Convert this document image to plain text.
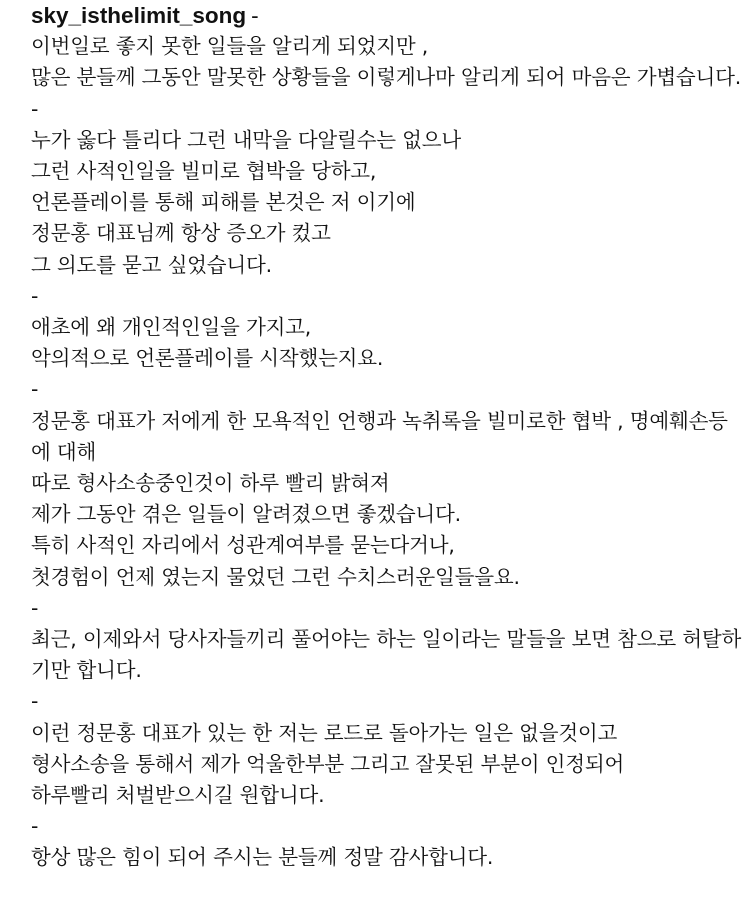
sky_isthelimit_song -
이번일로 좋지 못한 일들을 알리게 되었지만 ,
많은 분들께 그동안 말못한 상황들을 이렇게나마 알리게 되어 마음은 가볍습니다.
-
누가 옳다 틀리다 그런 내막을 다알릴수는 없으나
그런 사적인일을 빌미로 협박을 당하고,
언론플레이를 통해 피해를 본것은 저 이기에
정문홍 대표님께 항상 증오가 컸고
그 의도를 묻고 싶었습니다.
-
애초에 왜 개인적인일을 가지고,
악의적으로 언론플레이를 시작했는지요.
-
정문홍 대표가 저에게 한 모욕적인 언행과 녹취록을 빌미로한 협박 , 명예훼손등에 대해
따로 형사소송중인것이 하루 빨리 밝혀져
제가 그동안 겪은 일들이 알려졌으면 좋겠습니다.
특히 사적인 자리에서 성관계여부를 묻는다거나,
첫경험이 언제 였는지 물었던 그런 수치스러운일들을요.
-
최근, 이제와서 당사자들끼리 풀어야는 하는 일이라는 말들을 보면 참으로 허탈하기만 합니다.
-
이런 정문홍 대표가 있는 한 저는 로드로 돌아가는 일은 없을것이고
형사소송을 통해서 제가 억울한부분 그리고 잘못된 부분이 인정되어
하루빨리 처벌받으시길 원합니다.
-
항상 많은 힘이 되어 주시는 분들께 정말 감사합니다.
